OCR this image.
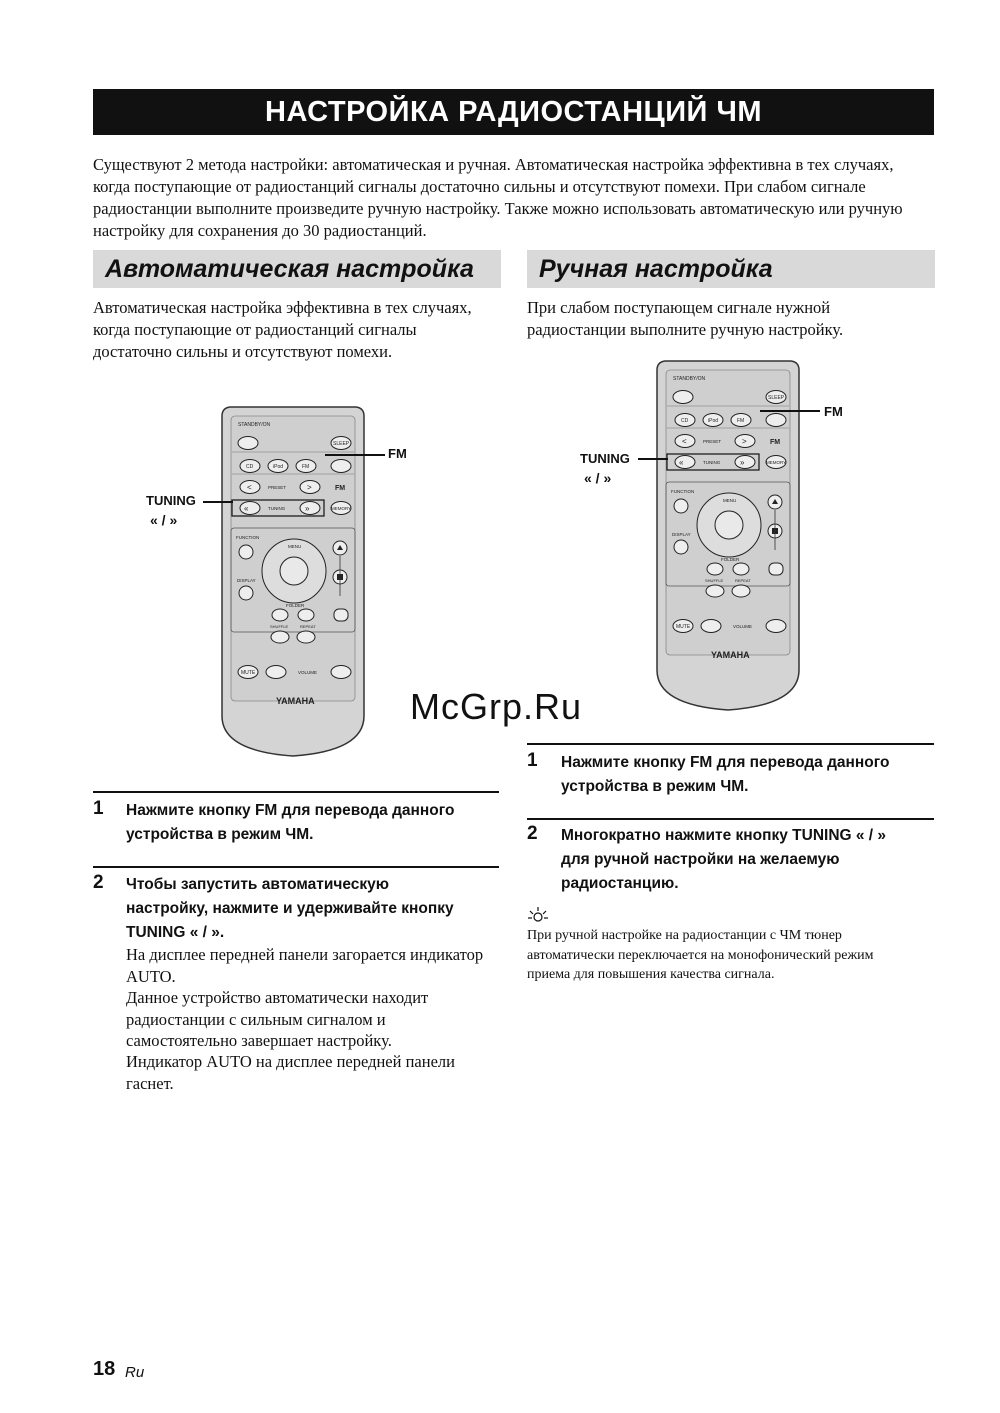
НАСТРОЙКА РАДИОСТАНЦИЙ ЧМ
Существуют 2 метода настройки: автоматическая и ручная. Автоматическая настройка эффективна в тех случаях, когда поступающие от радиостанций сигналы достаточно сильны и отсутствуют помехи. При слабом сигнале радиостанции выполните произведите ручную настройку. Также можно использовать автоматическую или ручную настройку для сохранения до 30 радиостанций.
Автоматическая настройка
Автоматическая настройка эффективна в тех случаях, когда поступающие от радиостанций сигналы достаточно сильны и отсутствуют помехи.
STANDBY/ON
SLEEP
CD	iPod	FM
PRESET	FM
TUNING	MEMORY
FUNCTION
DISPLAY
MENU
FOLDER
SHUFFLE	REPEAT
MUTE	VOLUME
YAMAHA
FM
TUNING
« / »
McGrp.Ru
1 Нажмите кнопку FM для перевода данного устройства в режим ЧМ.
2 Чтобы запустить автоматическую настройку, нажмите и удерживайте кнопку TUNING « / ».
На дисплее передней панели загорается индикатор AUTO.
Данное устройство автоматически находит радиостанции с сильным сигналом и самостоятельно завершает настройку.
Индикатор AUTO на дисплее передней панели гаснет.
Ручная настройка
При слабом поступающем сигнале нужной радиостанции выполните ручную настройку.
STANDBY/ON
SLEEP
CD	iPod	FM
PRESET	FM
TUNING	MEMORY
FUNCTION
DISPLAY
MENU
FOLDER
SHUFFLE	REPEAT
MUTE	VOLUME
YAMAHA
FM
TUNING
« / »
1 Нажмите кнопку FM для перевода данного устройства в режим ЧМ.
2 Многократно нажмите кнопку TUNING « / » для ручной настройки на желаемую радиостанцию.
При ручной настройке на радиостанции с ЧМ тюнер автоматически переключается на монофонический режим приема для повышения качества сигнала.
18 Ru
